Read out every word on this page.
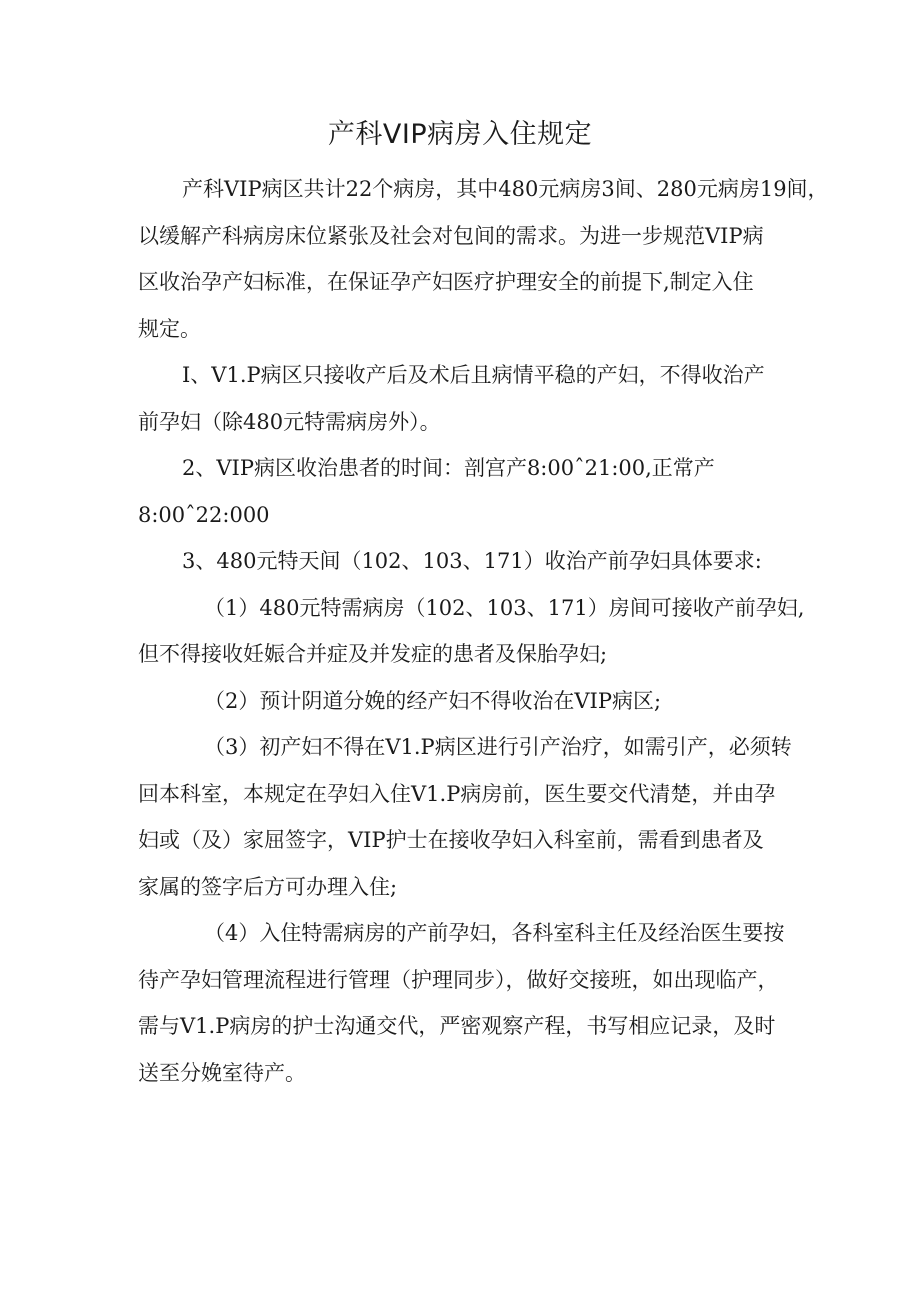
产科VIP病房入住规定
产科VIP病区共计22个病房，其中480元病房3间、280元病房19间，
以缓解产科病房床位紧张及社会对包间的需求。为进一步规范VIP病
区收治孕产妇标准，在保证孕产妇医疗护理安全的前提下,制定入住
规定。
I、V1.P病区只接收产后及术后且病情平稳的产妇，不得收治产
前孕妇（除480元特需病房外）。
2、VIP病区收治患者的时间：剖宫产8:00ˆ21:00,正常产
8:00ˆ22:000
3、480元特天间（102、103、171）收治产前孕妇具体要求:
（1）480元特需病房（102、103、171）房间可接收产前孕妇,
但不得接收妊娠合并症及并发症的患者及保胎孕妇;
（2）预计阴道分娩的经产妇不得收治在VIP病区;
（3）初产妇不得在V1.P病区进行引产治疗，如需引产，必须转
回本科室，本规定在孕妇入住V1.P病房前，医生要交代清楚，并由孕
妇或（及）家屈签字，VIP护士在接收孕妇入科室前，需看到患者及
家属的签字后方可办理入住;
（4）入住特需病房的产前孕妇，各科室科主任及经治医生要按
待产孕妇管理流程进行管理（护理同步），做好交接班，如出现临产，
需与V1.P病房的护士沟通交代，严密观察产程，书写相应记录，及时
送至分娩室待产。
